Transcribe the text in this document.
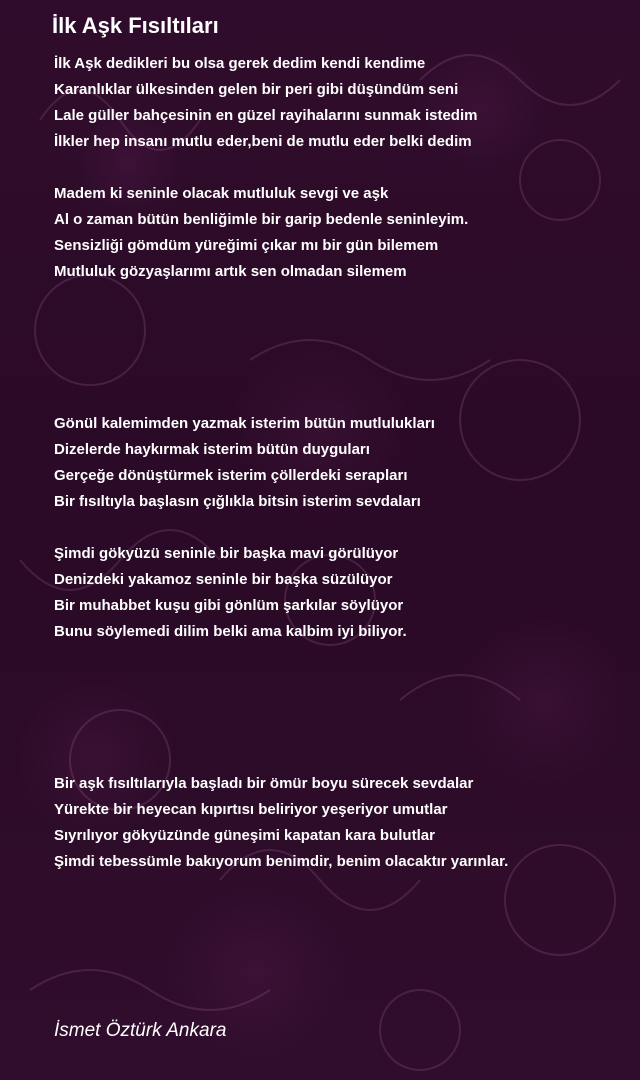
İlk Aşk Fısıltıları
İlk Aşk dedikleri bu olsa gerek dedim kendi kendime
Karanlıklar ülkesinden gelen bir peri gibi düşündüm seni
Lale güller bahçesinin en güzel rayihalarını sunmak istedim
İlkler hep insanı mutlu eder,beni de mutlu eder belki dedim
Madem ki seninle olacak mutluluk sevgi ve aşk
Al o zaman bütün benliğimle bir garip bedenle seninleyim.
Sensizliği gömdüm yüreğimi çıkar mı bir gün bilemem
Mutluluk gözyaşlarımı artık sen olmadan silemem
Gönül kalemimden yazmak isterim bütün mutlulukları
Dizelerde haykırmak isterim bütün duyguları
Gerçeğe dönüştürmek isterim çöllerdeki serapları
Bir fısıltıyla başlasın çığlıkla bitsin isterim sevdaları
Şimdi gökyüzü seninle bir başka mavi görülüyor
Denizdeki yakamoz seninle bir başka süzülüyor
Bir muhabbet kuşu gibi gönlüm şarkılar söylüyor
Bunu söylemedi dilim belki ama kalbim iyi biliyor.
Bir aşk fısıltılarıyla başladı bir ömür boyu sürecek sevdalar
Yürekte bir heyecan kıpırtısı beliriyor yeşeriyor umutlar
Sıyrılıyor gökyüzünde güneşimi kapatan kara bulutlar
Şimdi tebessümle bakıyorum benimdir, benim olacaktır yarınlar.
İsmet Öztürk Ankara
